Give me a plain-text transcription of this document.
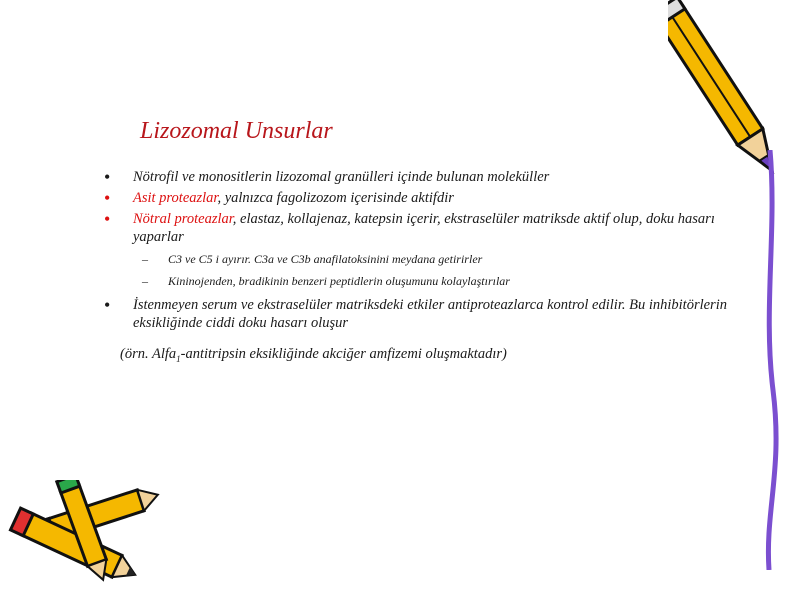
Lizozomal Unsurlar
• Nötrofil ve monositlerin lizozomal granülleri içinde bulunan moleküller
• Asit proteazlar, yalnızca fagolizozom içerisinde aktifdir
• Nötral proteazlar, elastaz, kollajenaz, katepsin içerir, ekstraselüler matriksde aktif olup, doku hasarı yaparlar
– C3 ve C5 i ayırır. C3a ve C3b anafilatoksinini meydana getirirler
– Kininojenden, bradikinin benzeri peptidlerin oluşumunu kolaylaştırılar
• İstenmeyen serum ve ekstraselüler matriksdeki etkiler antiproteazlarca kontrol edilir. Bu inhibitörlerin eksikliğinde ciddi doku hasarı oluşur
(örn. Alfa$_1$-antitripsin eksikliğinde akciğer amfizemi oluşmaktadır)
